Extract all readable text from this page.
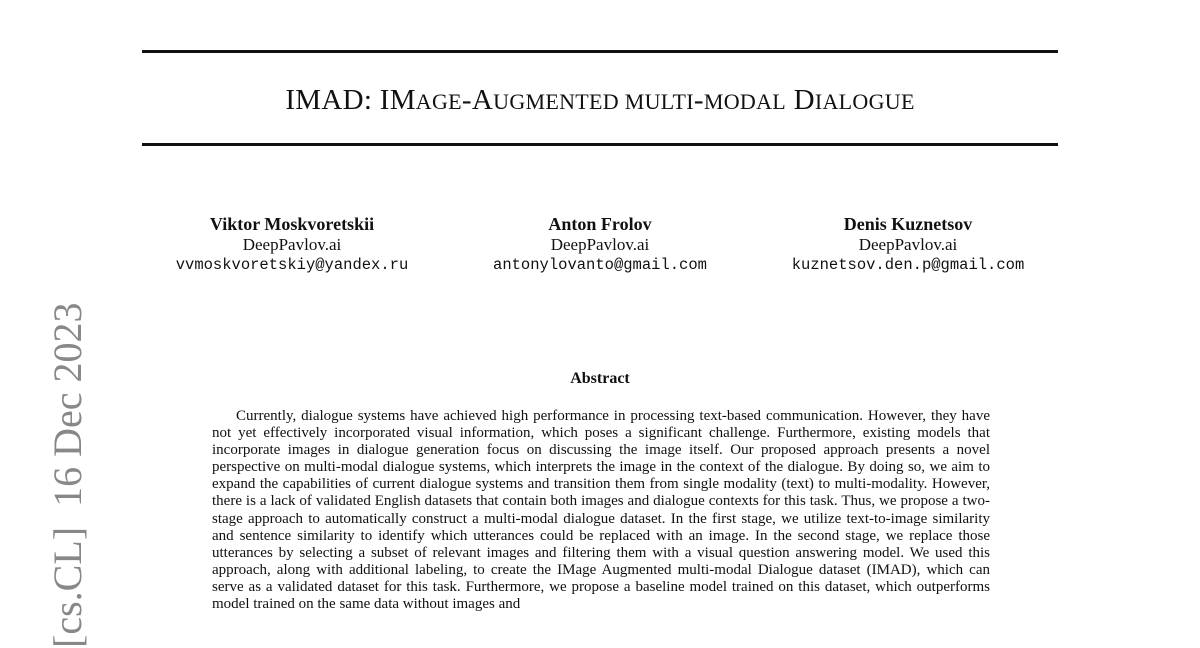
[cs.CL]  16 Dec 2023
IMAD: IMAGE-AUGMENTED MULTI-MODAL DIALOGUE
Viktor Moskvoretskii
DeepPavlov.ai
vvmoskvoretskiy@yandex.ru
Anton Frolov
DeepPavlov.ai
antonylovanto@gmail.com
Denis Kuznetsov
DeepPavlov.ai
kuznetsov.den.p@gmail.com
Abstract

Currently, dialogue systems have achieved high performance in processing text-based communication. However, they have not yet effectively incorporated visual information, which poses a significant challenge. Furthermore, existing models that incorporate images in dialogue generation focus on discussing the image itself. Our proposed approach presents a novel perspective on multi-modal dialogue systems, which interprets the image in the context of the dialogue. By doing so, we aim to expand the capabilities of current dialogue systems and transition them from single modality (text) to multi-modality. However, there is a lack of validated English datasets that contain both images and dialogue contexts for this task. Thus, we propose a two-stage approach to automatically construct a multi-modal dialogue dataset. In the first stage, we utilize text-to-image similarity and sentence similarity to identify which utterances could be replaced with an image. In the second stage, we replace those utterances by selecting a subset of relevant images and filtering them with a visual question answering model. We used this approach, along with additional labeling, to create the IMage Augmented multi-modal Dialogue dataset (IMAD), which can serve as a validated dataset for this task. Furthermore, we propose a baseline model trained on this dataset, which outperforms model trained on the same data without images and
